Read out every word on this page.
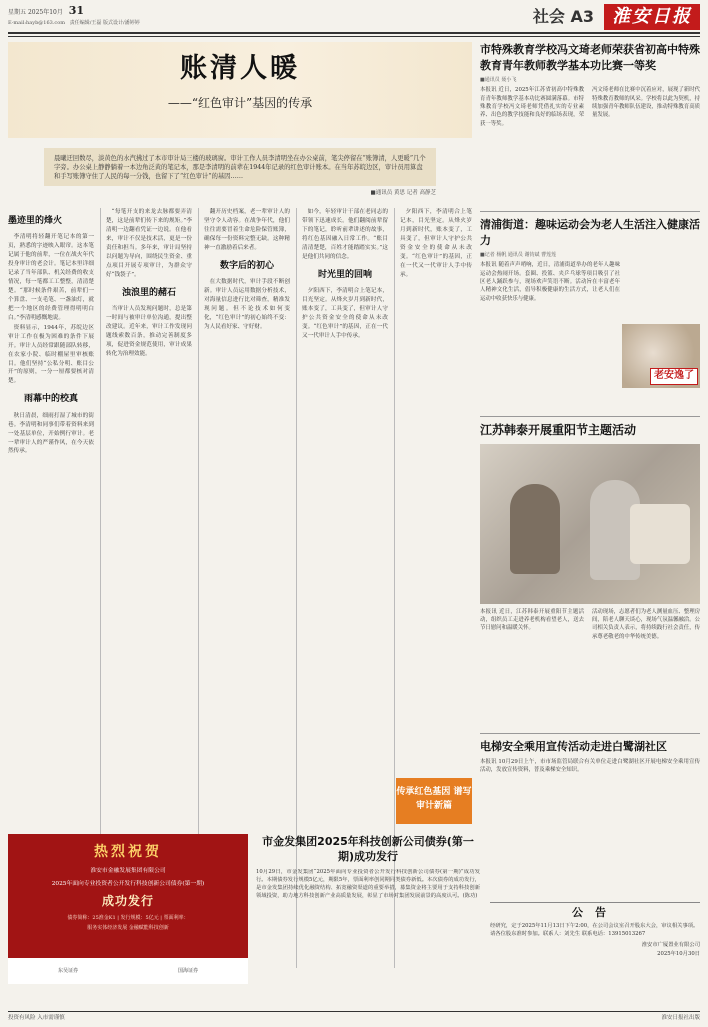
星期五 2025年10月 31
E-mail:hayb@163.com 责任编辑/王磊 版式设计/潘婷婷	社会 A3	淮安日报
账清人暖
——“红色审计”基因的传承
晨曦迂回数尽，淡黄色的水汽拂过了本市审计局三楼的玻璃窗。审计工作人员李清明坐在办公桌前，笔尖停留在“账簿清，人更暖”几个字旁。办公桌上静静躺着一本边角泛黄的笔记本，那是李清明的前辈在1944年记录的红色审计账本。在当年苏皖边区，审计员用算盘和手写账簿守住了人民的每一分钱，也留下了“红色审计”的基因……
■通讯员 黄思 记者 高静芝
墨迹里的烽火

李清明将轻翻开笔记本的第一页，熟悉的字迹映入眼帘。这本笔记属于他的前辈，一位在战火年代投身审计的老会计。笔记本里详细记录了当年部队、机关经费的收支情况，每一笔都工工整整，清清楚楚。“那时候条件艰苦，前辈们一个算盘、一支毛笔、一盏油灯，就把一个地区的经费管理得明明白白。”李清明感慨地说。

资料显示，1944年，苏皖边区审计工作在极为困难的条件下展开。审计人员经常跟随部队转移，在农家小院、临时棚屋里审核账目。他们坚持“公私分明、账目公开”的原则，一分一厘都要核对清楚。

雨幕中的校真

秋日清晨，细雨打湿了城市的街巷。李清明和同事们带着资料来到一处基层单位，开始例行审计。老一辈审计人的严谨作风，在今天依然传承。

“每笔开支的来龙去脉都要弄清楚，这是前辈们传下来的规矩。”李清明一边翻看凭证一边说。在他看来，审计不仅是技术活，更是一份责任和担当。多年来，审计局坚持以问题为导向，围绕民生资金、重点项目开展专项审计，为群众守好“钱袋子”。

浊浪里的赭石

当审计人员发现问题时，总是第一时间与被审计单位沟通，提出整改建议。近年来，审计工作发现问题线索数百条，推动完善制度多项，促进资金规范使用，审计成果转化为治理效能。

翻开历史档案，老一辈审计人的坚守令人动容。在战争年代，他们往往需要冒着生命危险保管账簿，确保每一份资料完整无缺。这种精神一直激励着后来者。

数字后的初心

在大数据时代，审计手段不断创新。审计人员运用数据分析技术，对海量信息进行比对筛查，精准发现问题。但不论技术如何变化，“红色审计”的初心始终不变：为人民看好家、守好财。

如今，年轻审计干部在老同志的带领下迅速成长。他们翻阅前辈留下的笔记，聆听前辈讲述的故事，将红色基因融入日常工作。“账目清清楚楚，百姓才能踏踏实实。”这是他们共同的信念。

时光里的回响

夕阳西下，李清明合上笔记本，目光坚定。从烽火岁月到新时代，账本变了，工具变了，但审计人守护公共资金安全的使命从未改变。“红色审计”的基因，正在一代又一代审计人手中传承。

夕阳西下，李清明合上笔记本，目光坚定。从烽火岁月到新时代，账本变了，工具变了，但审计人守护公共资金安全的使命从未改变。“红色审计”的基因，正在一代又一代审计人手中传承。

传承红色基因 谱写审计新篇
市特殊教育学校冯文琦老师荣获省初高中特殊教育青年教师教学基本功比赛一等奖
■通讯员 聂小飞
本报讯 近日，2025年江苏省初高中特殊教育青年教师教学基本功比赛圆满落幕。市特殊教育学校冯文琦老师凭借扎实的专业素养、出色的教学技能和良好的临场表现，荣获一等奖。
冯文琦老师在比赛中沉着应对，展现了新时代特殊教育教师的风采。学校将以此为契机，持续加强青年教师队伍建设，推动特殊教育高质量发展。
清浦街道：趣味运动会为老人生活注入健康活力
■记者 杨帆 通讯员 谢钧斌 曹莲莲
本报讯 随着声声哨响，近日，清浦街道举办的老年人趣味运动会热闹开场。套圈、投篮、夹乒乓球等项目吸引了社区老人踊跃参与，现场欢声笑语不断。活动旨在丰富老年人精神文化生活，倡导积极健康的生活方式，让老人们在运动中收获快乐与健康。
老安逸了
江苏韩泰开展重阳节主题活动
本报讯 近日，江苏韩泰开展重阳节主题活动，组织员工走进养老机构看望老人，送去节日慰问和温暖关怀。
活动现场，志愿者们为老人测量血压、整理房间，陪老人聊天谈心，现场气氛温馨融洽。公司相关负责人表示，将持续践行社会责任，传承尊老敬老的中华传统美德。
电梯安全乘用宣传活动走进白鹭湖社区
本报讯 10月29日上午，市市场监管局联合有关单位走进白鹭湖社区开展电梯安全乘用宣传活动，发放宣传资料，普及乘梯安全知识。
热烈祝贺
淮安市金融发展集团有限公司
2025年面向专业投资者公开发行科技创新公司债券(第一期)
成功发行
债券简称：25淮金K1 | 发行规模：5亿元 | 票面利率：
服务实体经济发展 金融赋能科技创新
东吴证券	国海证券
市金发集团2025年科技创新公司债券(第一期)成功发行
10月29日，市金发集团“2025年面向专业投资者公开发行科技创新公司债券(第一期)”成功发行。本期债券发行规模5亿元，期限5年，票面利率创同期同类债券新低。本次债券的成功发行，是市金发集团持续优化融资结构、拓宽融资渠道的重要举措，募集资金将主要用于支持科技创新领域投资，助力地方科技创新产业高质量发展，彰显了市场对集团发展前景的高度认可。(陈功)
公告
经研究，定于2025年11月13日下午2:00，在公司会议室召开股东大会，审议相关事项。请各位股东准时参加。联系人：刘先生 联系电话：13915013267
淮安市广厦置业有限公司
2025年10月30日
投资有风险 入市需谨慎	淮安日报社出版
